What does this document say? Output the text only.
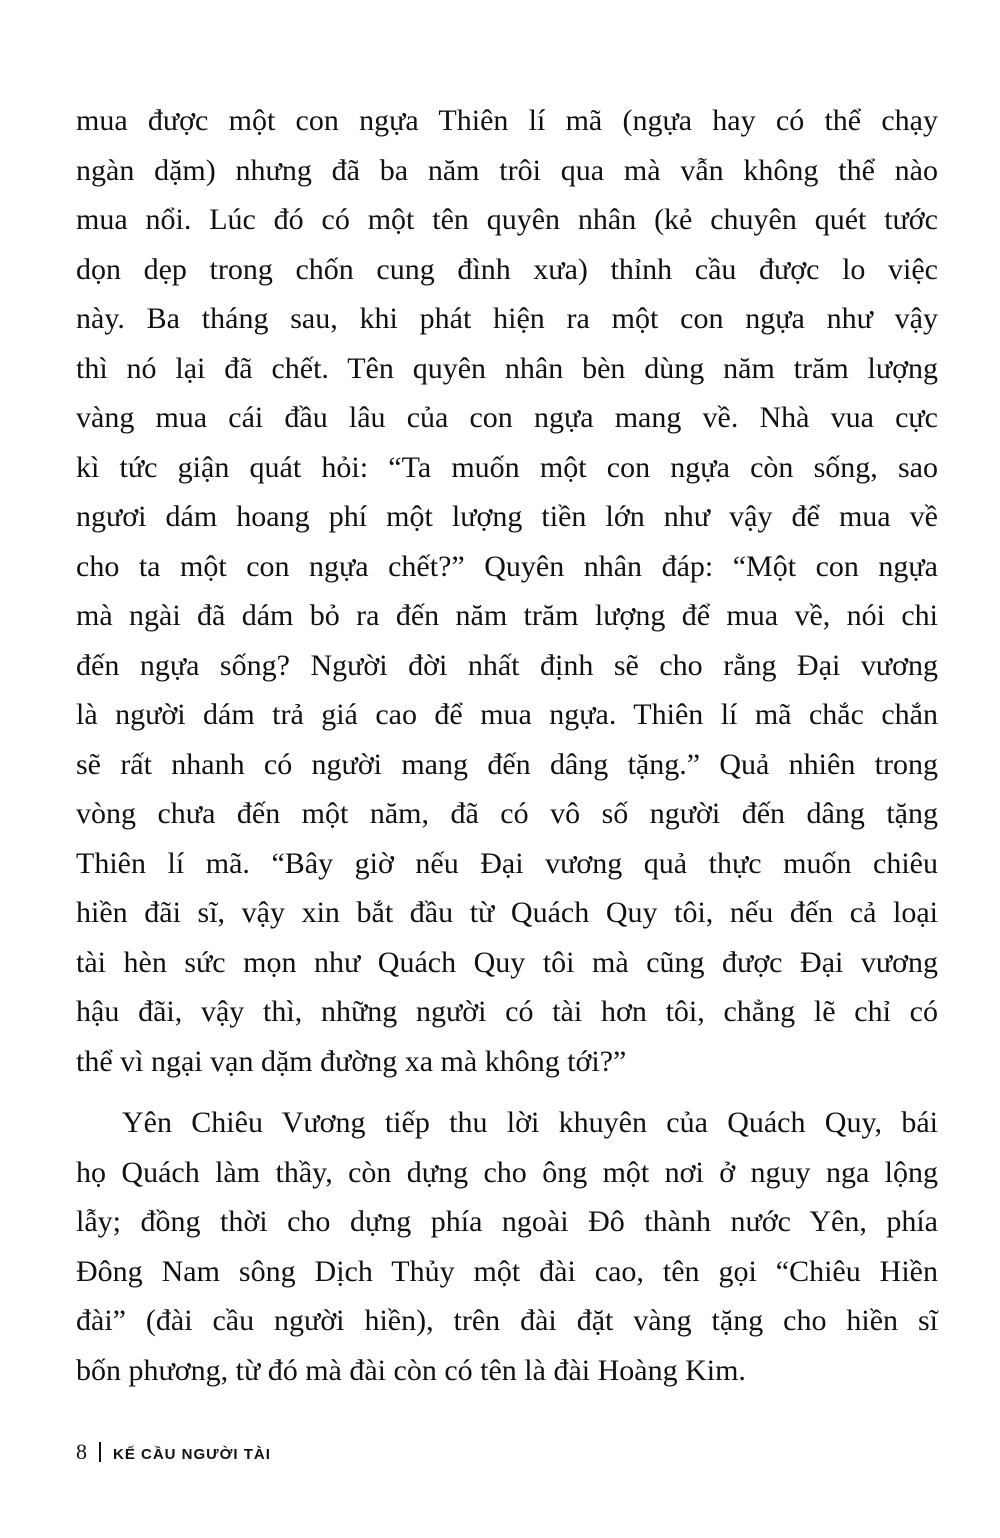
mua được một con ngựa Thiên lí mã (ngựa hay có thể chạy
ngàn dặm) nhưng đã ba năm trôi qua mà vẫn không thể nào
mua nổi. Lúc đó có một tên quyên nhân (kẻ chuyên quét tước
dọn dẹp trong chốn cung đình xưa) thỉnh cầu được lo việc
này. Ba tháng sau, khi phát hiện ra một con ngựa như vậy
thì nó lại đã chết. Tên quyên nhân bèn dùng năm trăm lượng
vàng mua cái đầu lâu của con ngựa mang về. Nhà vua cực
kì tức giận quát hỏi: “Ta muốn một con ngựa còn sống, sao
ngươi dám hoang phí một lượng tiền lớn như vậy để mua về
cho ta một con ngựa chết?” Quyên nhân đáp: “Một con ngựa
mà ngài đã dám bỏ ra đến năm trăm lượng để mua về, nói chi
đến ngựa sống? Người đời nhất định sẽ cho rằng Đại vương
là người dám trả giá cao để mua ngựa. Thiên lí mã chắc chắn
sẽ rất nhanh có người mang đến dâng tặng.” Quả nhiên trong
vòng chưa đến một năm, đã có vô số người đến dâng tặng
Thiên lí mã. “Bây giờ nếu Đại vương quả thực muốn chiêu
hiền đãi sĩ, vậy xin bắt đầu từ Quách Quy tôi, nếu đến cả loại
tài hèn sức mọn như Quách Quy tôi mà cũng được Đại vương
hậu đãi, vậy thì, những người có tài hơn tôi, chẳng lẽ chỉ có
thể vì ngại vạn dặm đường xa mà không tới?”

Yên Chiêu Vương tiếp thu lời khuyên của Quách Quy, bái
họ Quách làm thầy, còn dựng cho ông một nơi ở nguy nga lộng
lẫy; đồng thời cho dựng phía ngoài Đô thành nước Yên, phía
Đông Nam sông Dịch Thủy một đài cao, tên gọi “Chiêu Hiền
đài” (đài cầu người hiền), trên đài đặt vàng tặng cho hiền sĩ
bốn phương, từ đó mà đài còn có tên là đài Hoàng Kim.

8 KẾ CẦU NGƯỜI TÀI
